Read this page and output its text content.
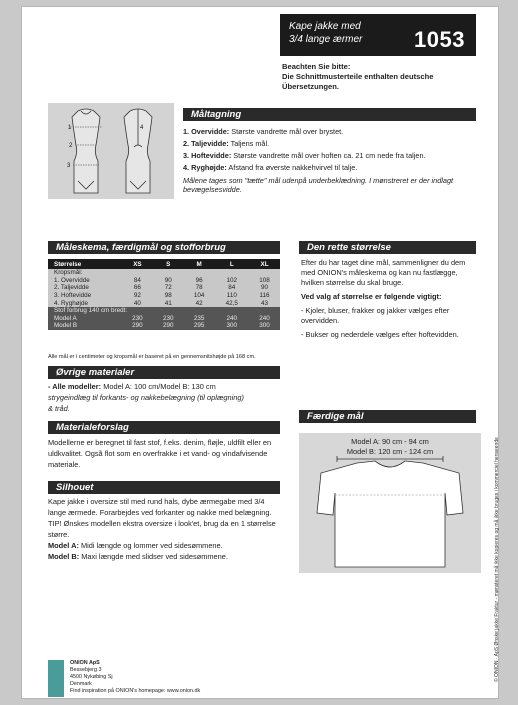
Kape jakke med
3/4 lange ærmer 1053
Beachten Sie bitte:
Die Schnittmusterteile enthalten deutsche
Übersetzungen.
1
2
3
4
Måltagning
1. Overvidde: Største vandrette mål over brystet.
2. Taljevidde: Taljens mål.
3. Hoftevidde: Største vandrette mål over hoften ca. 21 cm nede fra taljen.
4. Ryghøjde: Afstand fra øverste nakkehvirvel til talje.
Målene tages som "tætte" mål udenpå underbeklædning. I mønstreret er der indlagt bevægelsesvidde.
Måleskema, færdigmål og stofforbrug
Størrelse	XS	S	M	L	XL
Kropsmål:					
1. Overvidde	84	90	96	102	108
2. Taljevidde	66	72	78	84	90
3. Hoftevidde	92	98	104	110	116
4. Ryghøjde	40	41	42	42,5	43
Stof forbrug 140 cm bredt:					
Model A	230	230	235	240	240
Model B	290	290	295	300	300
Alle mål er i centimeter og kropsmål er baseret på en gennemsnitshøjde på 168 cm.
Øvrige materialer

- Alle modeller: Model A: 100 cm/Model B: 130 cm

strygeindlæg til forkants- og nakkebelægning (til oplægning)

& tråd.

Materialeforslag
Modellerne er beregnet til fast stof, f.eks. denim, fløjle, uldfilt eller en uldkvalitet. Også flot som en overfrakke i et vand- og vindafvisende materiale.
Silhouet

Kape jakke i oversize stil med rund hals, dybe ærmegabe med 3/4 lange ærmede. Forarbejdes ved forkanter og nakke med belægning.

TIP! Ønskes modellen ekstra oversize i look'et, brug da en 1 størrelse større.

Model A: Midi længde og lommer ved sidesømmene.

Model B: Maxi længde med slidser ved sidesømmene.

Den rette størrelse

Efter du har taget dine mål, sammenligner du dem med ONION's måleskema og kan nu fastlægge, hvilken størrelse du skal bruge.

Ved valg af størrelse er følgende vigtigt:

- Kjoler, bluser, frakker og jakker vælges efter overvidden.

- Bukser og nederdele vælges efter hoftevidden.

Færdige mål
Model A: 90 cm - 94 cm
Model B: 120 cm - 124 cm
ONION ApS
Bessebjerg 3
4500 Nykøbing Sj
Denmark
Find inspiration på ONION's homepage: www.onion.dk
© ONION · ApS Ønske jakke Fraktur - mønsteret må ikke kopieres og må ikke bruges i kommerciel henseende
